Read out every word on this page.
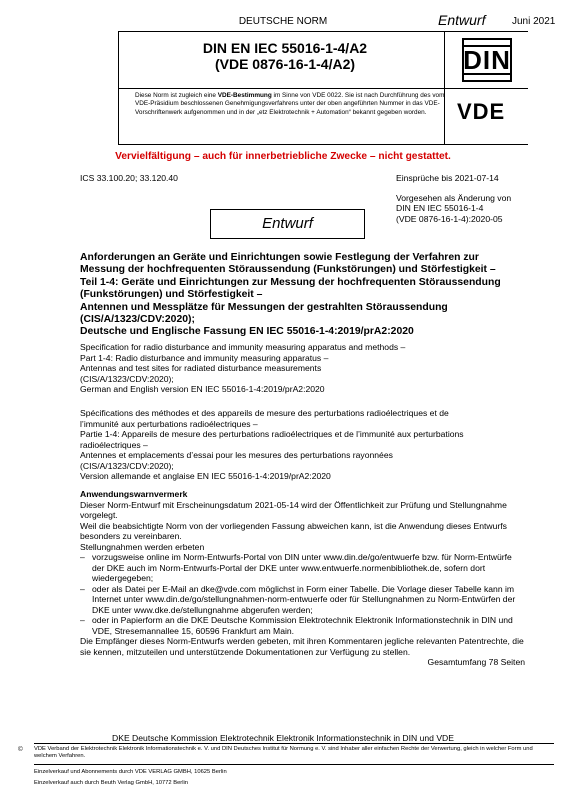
DEUTSCHE NORM	Entwurf	Juni 2021
DIN EN IEC 55016-1-4/A2
(VDE 0876-16-1-4/A2)	DIN
Diese Norm ist zugleich eine VDE-Bestimmung im Sinne von VDE 0022. Sie ist nach Durchführung des vom VDE-Präsidium beschlossenen Genehmigungsverfahrens unter der oben angeführten Nummer in das VDE-Vorschriftenwerk aufgenommen und in der „etz Elektrotechnik + Automation“ bekannt gegeben worden.	VDE
Vervielfältigung – auch für innerbetriebliche Zwecke – nicht gestattet.
ICS 33.100.20; 33.120.40	Einsprüche bis 2021-07-14
Vorgesehen als Änderung von
DIN EN IEC 55016-1-4
(VDE 0876-16-1-4):2020-05
Entwurf
Anforderungen an Geräte und Einrichtungen sowie Festlegung der Verfahren zur
Messung der hochfrequenten Störaussendung (Funkstörungen) und Störfestigkeit –
Teil 1-4: Geräte und Einrichtungen zur Messung der hochfrequenten Störaussendung
(Funkstörungen) und Störfestigkeit –
Antennen und Messplätze für Messungen der gestrahlten Störaussendung
(CIS/A/1323/CDV:2020);
Deutsche und Englische Fassung EN IEC 55016-1-4:2019/prA2:2020
Specification for radio disturbance and immunity measuring apparatus and methods –
Part 1-4: Radio disturbance and immunity measuring apparatus –
Antennas and test sites for radiated disturbance measurements
(CIS/A/1323/CDV:2020);
German and English version EN IEC 55016-1-4:2019/prA2:2020
Spécifications des méthodes et des appareils de mesure des perturbations radioélectriques et de
l’immunité aux perturbations radioélectriques –
Partie 1-4: Appareils de mesure des perturbations radioélectriques et de l’immunité aux perturbations
radioélectriques –
Antennes et emplacements d’essai pour les mesures des perturbations rayonnées
(CIS/A/1323/CDV:2020);
Version allemande et anglaise EN IEC 55016-1-4:2019/prA2:2020
Anwendungswarnvermerk
Dieser Norm-Entwurf mit Erscheinungsdatum 2021-05-14 wird der Öffentlichkeit zur Prüfung und Stellungnahme vorgelegt.
Weil die beabsichtigte Norm von der vorliegenden Fassung abweichen kann, ist die Anwendung dieses Entwurfs besonders zu vereinbaren.
Stellungnahmen werden erbeten
– vorzugsweise online im Norm-Entwurfs-Portal von DIN unter www.din.de/go/entwuerfe bzw. für Norm-Entwürfe der DKE auch im Norm-Entwurfs-Portal der DKE unter www.entwuerfe.normenbibliothek.de, sofern dort wiedergegeben;
– oder als Datei per E-Mail an dke@vde.com möglichst in Form einer Tabelle. Die Vorlage dieser Tabelle kann im Internet unter www.din.de/go/stellungnahmen-norm-entwuerfe oder für Stellungnahmen zu Norm-Entwürfen der DKE unter www.dke.de/stellungnahme abgerufen werden;
– oder in Papierform an die DKE Deutsche Kommission Elektrotechnik Elektronik Informationstechnik in DIN und VDE, Stresemannallee 15, 60596 Frankfurt am Main.
Die Empfänger dieses Norm-Entwurfs werden gebeten, mit ihren Kommentaren jegliche relevanten Patentrechte, die sie kennen, mitzuteilen und unterstützende Dokumentationen zur Verfügung zu stellen.
Gesamtumfang 78 Seiten
DKE Deutsche Kommission Elektrotechnik Elektronik Informationstechnik in DIN und VDE
© VDE Verband der Elektrotechnik Elektronik Informationstechnik e. V. und DIN Deutsches Institut für Normung e. V. sind Inhaber aller einfachen Rechte der Verwertung, gleich in welcher Form und welchem Verfahren.
Einzelverkauf und Abonnements durch VDE VERLAG GMBH, 10625 Berlin
Einzelverkauf auch durch Beuth Verlag GmbH, 10772 Berlin
